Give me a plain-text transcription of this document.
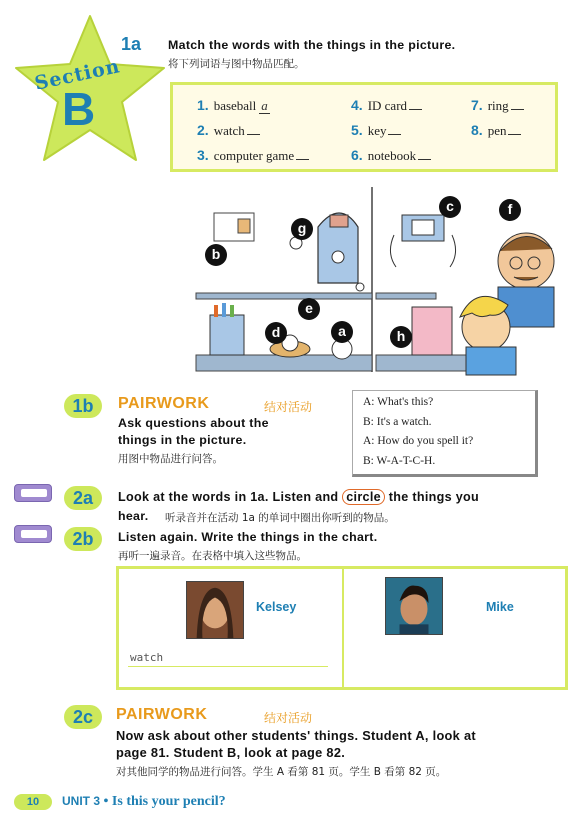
Section
B
1a	Match the words with the things in the picture.
将下列词语与图中物品匹配。
1. baseball a
2. watch
3. computer game
4. ID card
5. key
6. notebook
7. ring
8. pen
a
b
c
d
e
f
g
h
1b	PAIRWORK	结对活动
Ask questions about the
things in the picture.
用图中物品进行问答。
A: What's this?
B: It's a watch.
A: How do you spell it?
B: W-A-T-C-H.
2a	Look at the words in 1a. Listen and circle the things you
hear. 听录音并在活动 1a 的单词中圈出你听到的物品。
2b	Listen again. Write the things in the chart.
再听一遍录音。在表格中填入这些物品。
Kelsey
watch
Mike
2c	PAIRWORK	结对活动
Now ask about other students' things. Student A, look at
page 81. Student B, look at page 82.
对其他同学的物品进行问答。学生 A 看第 81 页。学生 B 看第 82 页。
10	UNIT 3 • Is this your pencil?
